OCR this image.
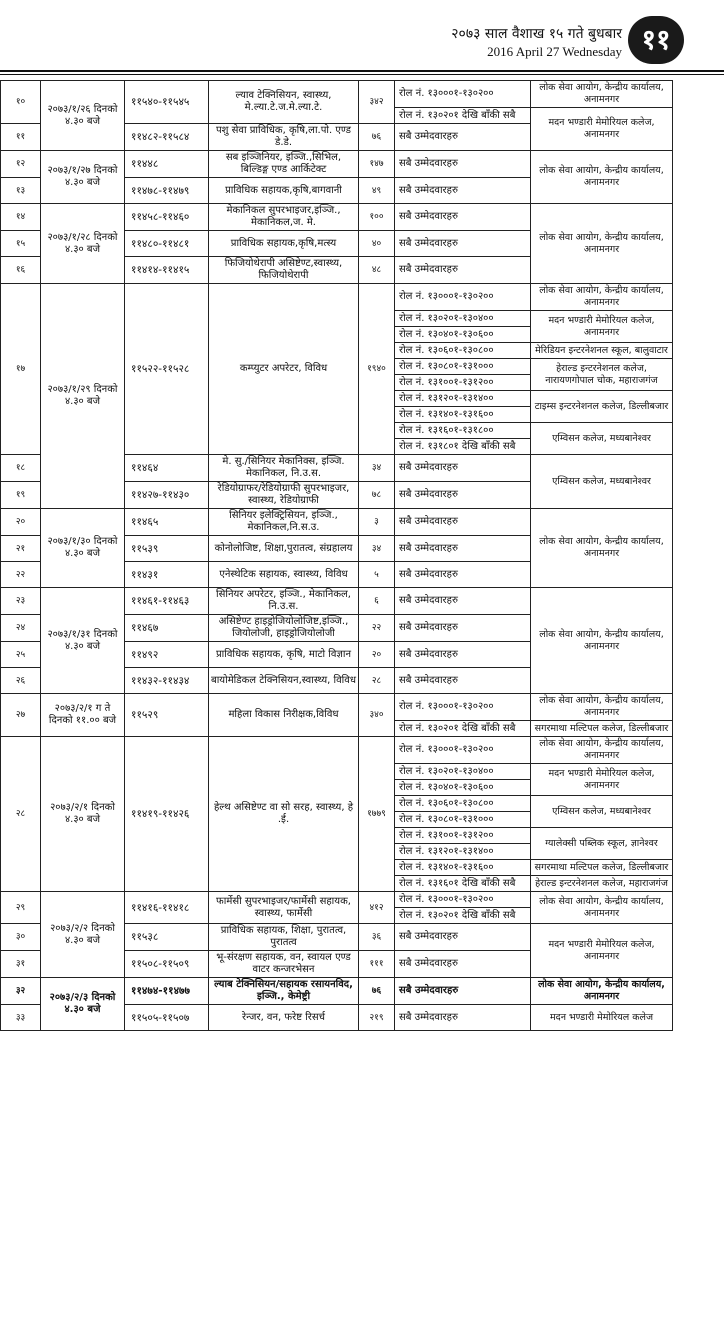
२०७३ साल वैशाख १५ गते बुधबार
2016 April 27 Wednesday ११
१०	२०७३/१/२६ दिनको ४.३० बजे	११५४०-११५४५	ल्याव टेक्निसियन, स्वास्थ्य, मे.ल्या.टे.ज.मे.ल्या.टे.	३४२	रोल नं. १३०००१-१३०२००	लोक सेवा आयोग, केन्द्रीय कार्यालय, अनामनगर
					रोल नं. १३०२०१ देखि बाँकी सबै	मदन भण्डारी मेमोरियल कलेज, अनामनगर
११		११४८२-११५८४	पशु सेवा प्राविधिक, कृषि,ला.पो. एण्ड डे.डे.	७६	सबै उम्मेदवारहरु	
१२	२०७३/१/२७ दिनको ४.३० बजे	११४४८	सब इञ्जिनियर, इञ्जि.,सिभिल, बिल्डिङ्ग एण्ड आर्किटेक्ट	१४७	सबै उम्मेदवारहरु	लोक सेवा आयोग, केन्द्रीय कार्यालय, अनामनगर
१३		११४७८-११४७९	प्राविधिक सहायक,कृषि,बागवानी	४९	सबै उम्मेदवारहरु	
१४	२०७३/१/२८ दिनको ४.३० बजे	११४५८-११४६०	मेकानिकल सुपरभाइजर,इञ्जि., मेकानिकल,ज. मे.	१००	सबै उम्मेदवारहरु	लोक सेवा आयोग, केन्द्रीय कार्यालय, अनामनगर
१५		११४८०-११४८१	प्राविधिक सहायक,कृषि,मत्स्य	४०	सबै उम्मेदवारहरु	
१६		११४१४-११४१५	फिजियोथेरापी असिष्टेण्ट,स्वास्थ्य, फिजियोथेरापी	४८	सबै उम्मेदवारहरु	
१७	२०७३/१/२९ दिनको ४.३० बजे	११५२२-११५२८	कम्प्युटर अपरेटर, विविध	१९४०	रोल नं. १३०००१-१३०२००	लोक सेवा आयोग, केन्द्रीय कार्यालय, अनामनगर
					रोल नं. १३०२०१-१३०४००	मदन भण्डारी मेमोरियल कलेज, अनामनगर
					रोल नं. १३०४०१-१३०६००	
					रोल नं. १३०६०१-१३०८००	मेरिडियन इन्टरनेशनल स्कूल, बालुवाटार
					रोल नं. १३०८०१-१३१०००	हेराल्ड इन्टरनेशनल कलेज, नारायणगोपाल चोक, महाराजगंज
					रोल नं. १३१००१-१३१२००	
					रोल नं. १३१२०१-१३१४००	टाइम्स इन्टरनेशनल कलेज, डिल्लीबजार
					रोल नं. १३१४०१-१३१६००	
					रोल नं. १३१६०१-१३१८००	एम्विसन कलेज, मध्यबानेश्वर
					रोल नं. १३१८०१ देखि बाँकी सबै	
१८		११४६४	मे. सु./सिनियर मेकानिक्स, इञ्जि. मेकानिकल, नि.उ.स.	३४	सबै उम्मेदवारहरु	एम्विसन कलेज, मध्यबानेश्वर
१९		११४२७-११४३०	रेडियोग्राफर/रेडियोग्राफी सुपरभाइजर, स्वास्थ्य, रेडियोग्राफी	७८	सबै उम्मेदवारहरु	
२०	२०७३/१/३० दिनको ४.३० बजे	११४६५	सिनियर इलेक्ट्रिसियन, इञ्जि., मेकानिकल,नि.स.उ.	३	सबै उम्मेदवारहरु	लोक सेवा आयोग, केन्द्रीय कार्यालय, अनामनगर
२१		११५३९	कोनोलोजिष्ट, शिक्षा,पुरातत्व, संग्रहालय	३४	सबै उम्मेदवारहरु	
२२		११४३१	एनेस्थेटिक सहायक, स्वास्थ्य, विविध	५	सबै उम्मेदवारहरु	
२३	२०७३/१/३१ दिनको ४.३० बजे	११४६१-११४६३	सिनियर अपरेटर, इञ्जि., मेकानिकल, नि.उ.स.	६	सबै उम्मेदवारहरु	लोक सेवा आयोग, केन्द्रीय कार्यालय, अनामनगर
२४		११४६७	असिष्टेण्ट हाइड्रोजियोलोजिष्ट,इञ्जि., जियोलोजी, हाइड्रोजियोलोजी	२२	सबै उम्मेदवारहरु	
२५		११४९२	प्राविधिक सहायक, कृषि, माटो विज्ञान	२०	सबै उम्मेदवारहरु	
२६		११४३२-११४३४	बायोमेडिकल टेक्निसियन,स्वास्थ्य, विविध	२८	सबै उम्मेदवारहरु	
२७	२०७३/२/१ ग ते दिनको ११.०० बजे	११५२९	महिला विकास निरीक्षक,विविध	३४०	रोल नं. १३०००१-१३०२००	लोक सेवा आयोग, केन्द्रीय कार्यालय, अनामनगर
					रोल नं. १३०२०१ देखि बाँकी सबै	सगरमाथा मल्टिपल कलेज, डिल्लीबजार
२८	२०७३/२/१ दिनको ४.३० बजे	११४१९-११४२६	हेल्थ असिष्टेण्ट वा सो सरह, स्वास्थ्य, हे .ई.	१७७९	रोल नं. १३०००१-१३०२००	लोक सेवा आयोग, केन्द्रीय कार्यालय, अनामनगर
					रोल नं. १३०२०१-१३०४००	मदन भण्डारी मेमोरियल कलेज, अनामनगर
					रोल नं. १३०४०१-१३०६००	
					रोल नं. १३०६०१-१३०८००	एम्विसन कलेज, मध्यबानेश्वर
					रोल नं. १३०८०१-१३१०००	
					रोल नं. १३१००१-१३१२००	ग्यालेक्सी पब्लिक स्कूल, ज्ञानेश्वर
					रोल नं. १३१२०१-१३१४००	
					रोल नं. १३१४०१-१३१६००	सगरमाथा मल्टिपल कलेज, डिल्लीबजार
					रोल नं. १३१६०१ देखि बाँकी सबै	हेराल्ड इन्टरनेशनल कलेज, महाराजगंज
२९	२०७३/२/२ दिनको ४.३० बजे	११४१६-११४१८	फार्मेसी सुपरभाइजर/फार्मेसी सहायक, स्वास्थ्य, फार्मेसी	४१२	रोल नं. १३०००१-१३०२००	लोक सेवा आयोग, केन्द्रीय कार्यालय, अनामनगर
					रोल नं. १३०२०१ देखि बाँकी सबै	
३०		११५३८	प्राविधिक सहायक, शिक्षा, पुरातत्व, पुरातत्व	३६	सबै उम्मेदवारहरु	मदन भण्डारी मेमोरियल कलेज, अनामनगर
३१		११५०८-११५०९	भू-संरक्षण सहायक, वन, स्वायल एण्ड वाटर कन्जरभेसन	१११	सबै उम्मेदवारहरु	
३२	२०७३/२/३ दिनको ४.३० बजे	११४७४-११४७७	ल्याब टेक्निसियन/सहायक रसायनविद, इञ्जि., केमेष्ट्री	७६	सबै उम्मेदवारहरु	लोक सेवा आयोग, केन्द्रीय कार्यालय, अनामनगर
३३		११५०५-११५०७	रेन्जर, वन, फरेष्ट रिसर्च	२१९	सबै उम्मेदवारहरु	मदन भण्डारी मेमोरियल कलेज
